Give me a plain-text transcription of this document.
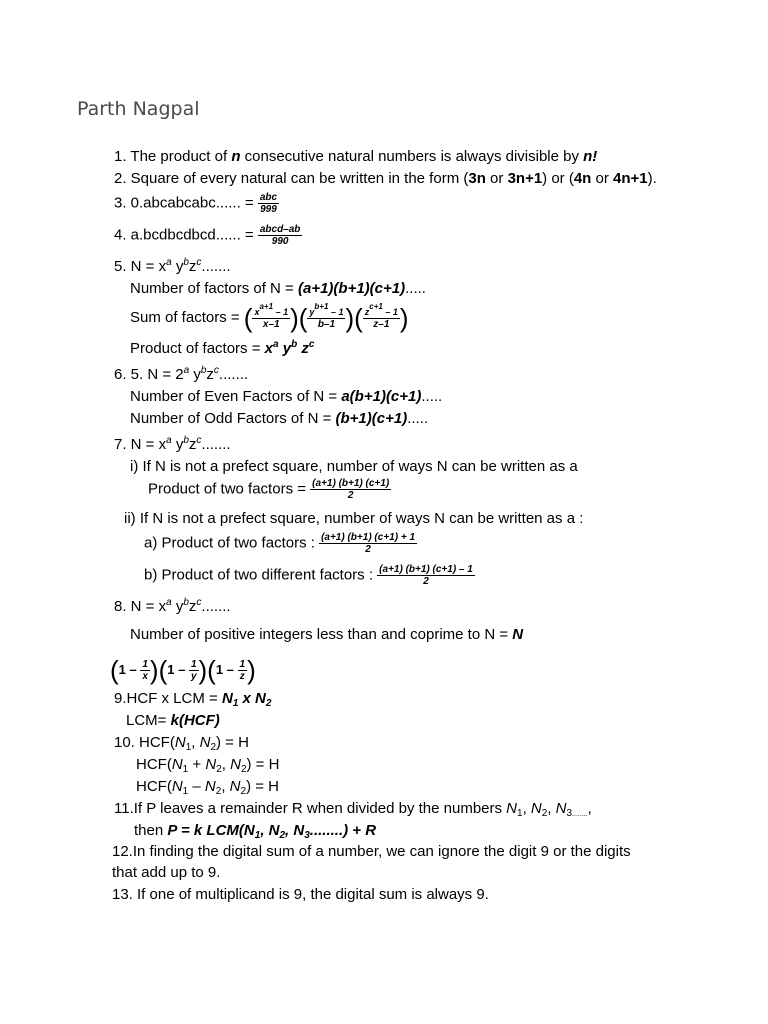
Parth Nagpal
1. The product of n consecutive natural numbers is always divisible by n!
2. Square of every natural can be written in the form (3n or 3n+1) or (4n or 4n+1).
3. 0.abcabcabc...... = $\frac{\text{abc}}{999}$
4. a.bcdbcdbcd...... = $\frac{\text{abcd–ab}}{990}$
5. $N = x^a$ $y^bz^c$.......
Number of factors of N = (a+1)(b+1)(c+1).....
Sum of factors = ( $\frac{x^{a+1} - 1}{x-1}$ )( $\frac{y^{b+1} - 1}{b-1}$ )( $\frac{z^{c+1} - 1}{z-1}$ )
Product of factors = $x^a$ $y^b$ $z^c$
6. 5. $N = 2^a$ $y^bz^c$.......
Number of Even Factors of N = a(b+1)(c+1).....
Number of Odd Factors of N = (b+1)(c+1).....
7. $N = x^a$ $y^bz^c$.......
i) If N is not a prefect square, number of ways N can be written as a
Product of two factors = $\frac{(a+1) (b+1) (c+1)}{2}$
ii) If N is not a prefect square, number of ways N can be written as a :
a) Product of two factors : $\frac{(a+1) (b+1) (c+1) + 1}{2}$
b) Product of two different factors : $\frac{(a+1) (b+1) (c+1) - 1}{2}$
8. $N = x^a$ $y^bz^c$.......
Number of positive integers less than and coprime to N = N
$(1 - \frac{1}{x} )(1 - \frac{1}{y} )(1 - \frac{1}{z}$ )
9.HCF x LCM = $N_1$ x $N_2$
LCM= k(HCF)
10. $HCF(N_1$, $N_2) = H$
$HCF(N_1 + N_2$, $N_2) = H$
$HCF(N_1 - N_2$, $N_2) = H$
11.If P leaves a remainder R when divided by the numbers $N_1$, $N_2$, $N_{3........}$,
then P = k $LCM(N_1$, $N_2$, $N_3........) + R$
12.In finding the digital sum of a number, we can ignore the digit 9 or the digits
that add up to 9.
13. If one of multiplicand is 9, the digital sum is always 9.
